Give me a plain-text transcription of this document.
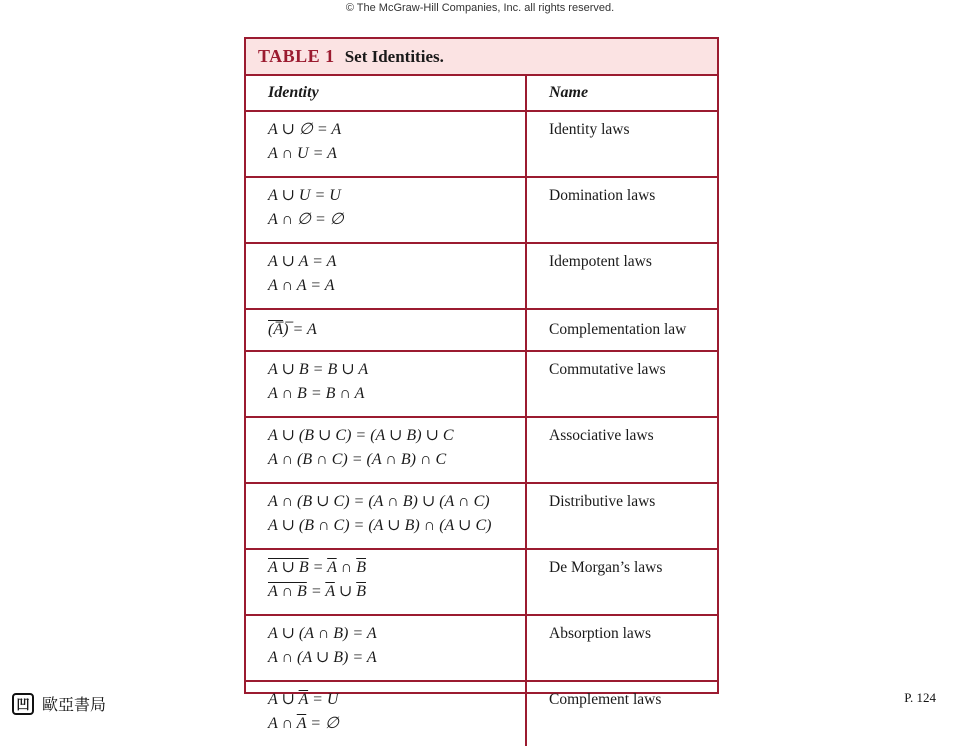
© The McGraw-Hill Companies, Inc. all rights reserved.
TABLE 1 Set Identities.
Identity	Name

A ∪ ∅ = A
A ∩ U = A	Identity laws

A ∪ U = U
A ∩ ∅ = ∅	Domination laws

A ∪ A = A
A ∩ A = A	Idempotent laws

(A̅)̅ = A	Complementation law

A ∪ B = B ∪ A
A ∩ B = B ∩ A	Commutative laws

A ∪ (B ∪ C) = (A ∪ B) ∪ C
A ∩ (B ∩ C) = (A ∩ B) ∩ C	Associative laws

A ∩ (B ∪ C) = (A ∩ B) ∪ (A ∩ C)
A ∪ (B ∩ C) = (A ∪ B) ∩ (A ∪ C)	Distributive laws

A ∪ $B = \overline{A}$ ∩ $\overline{B}$
A ∩ $B = \overline{A}$ ∪ $\overline{B}$	De Morgan’s laws

A ∪ (A ∩ B) = A
A ∩ (A ∪ B) = A	Absorption laws

A ∪ $\overline{A} = U$
A ∩ $\overline{A}$ = ∅	Complement laws
凹 歐亞書局	P. 124
